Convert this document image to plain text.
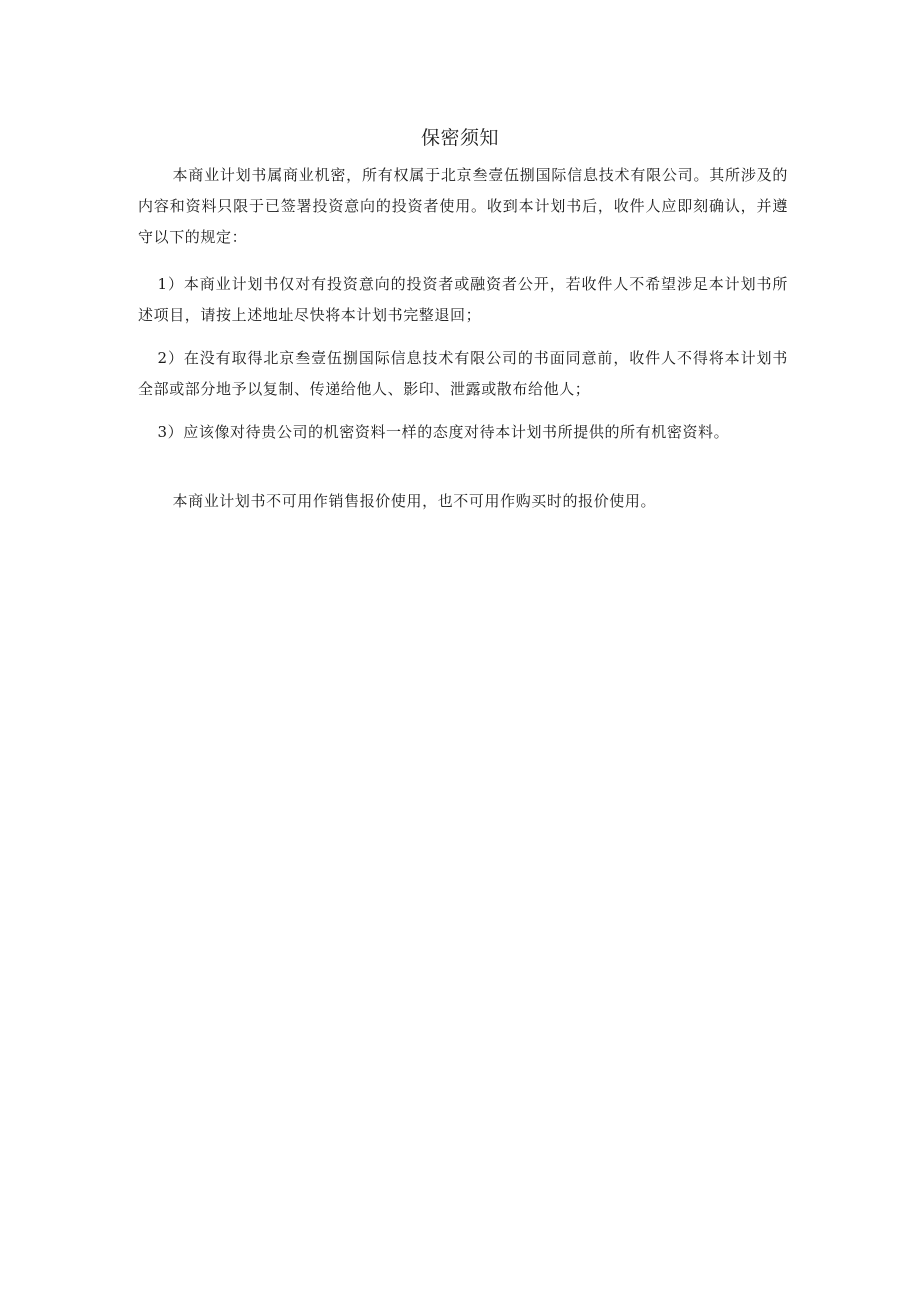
保密须知

本商业计划书属商业机密，所有权属于北京叁壹伍捌国际信息技术有限公司。其所涉及的内容和资料只限于已签署投资意向的投资者使用。收到本计划书后，收件人应即刻确认，并遵守以下的规定：

1）本商业计划书仅对有投资意向的投资者或融资者公开，若收件人不希望涉足本计划书所述项目，请按上述地址尽快将本计划书完整退回；

2）在没有取得北京叁壹伍捌国际信息技术有限公司的书面同意前，收件人不得将本计划书全部或部分地予以复制、传递给他人、影印、泄露或散布给他人；

3）应该像对待贵公司的机密资料一样的态度对待本计划书所提供的所有机密资料。

本商业计划书不可用作销售报价使用，也不可用作购买时的报价使用。
